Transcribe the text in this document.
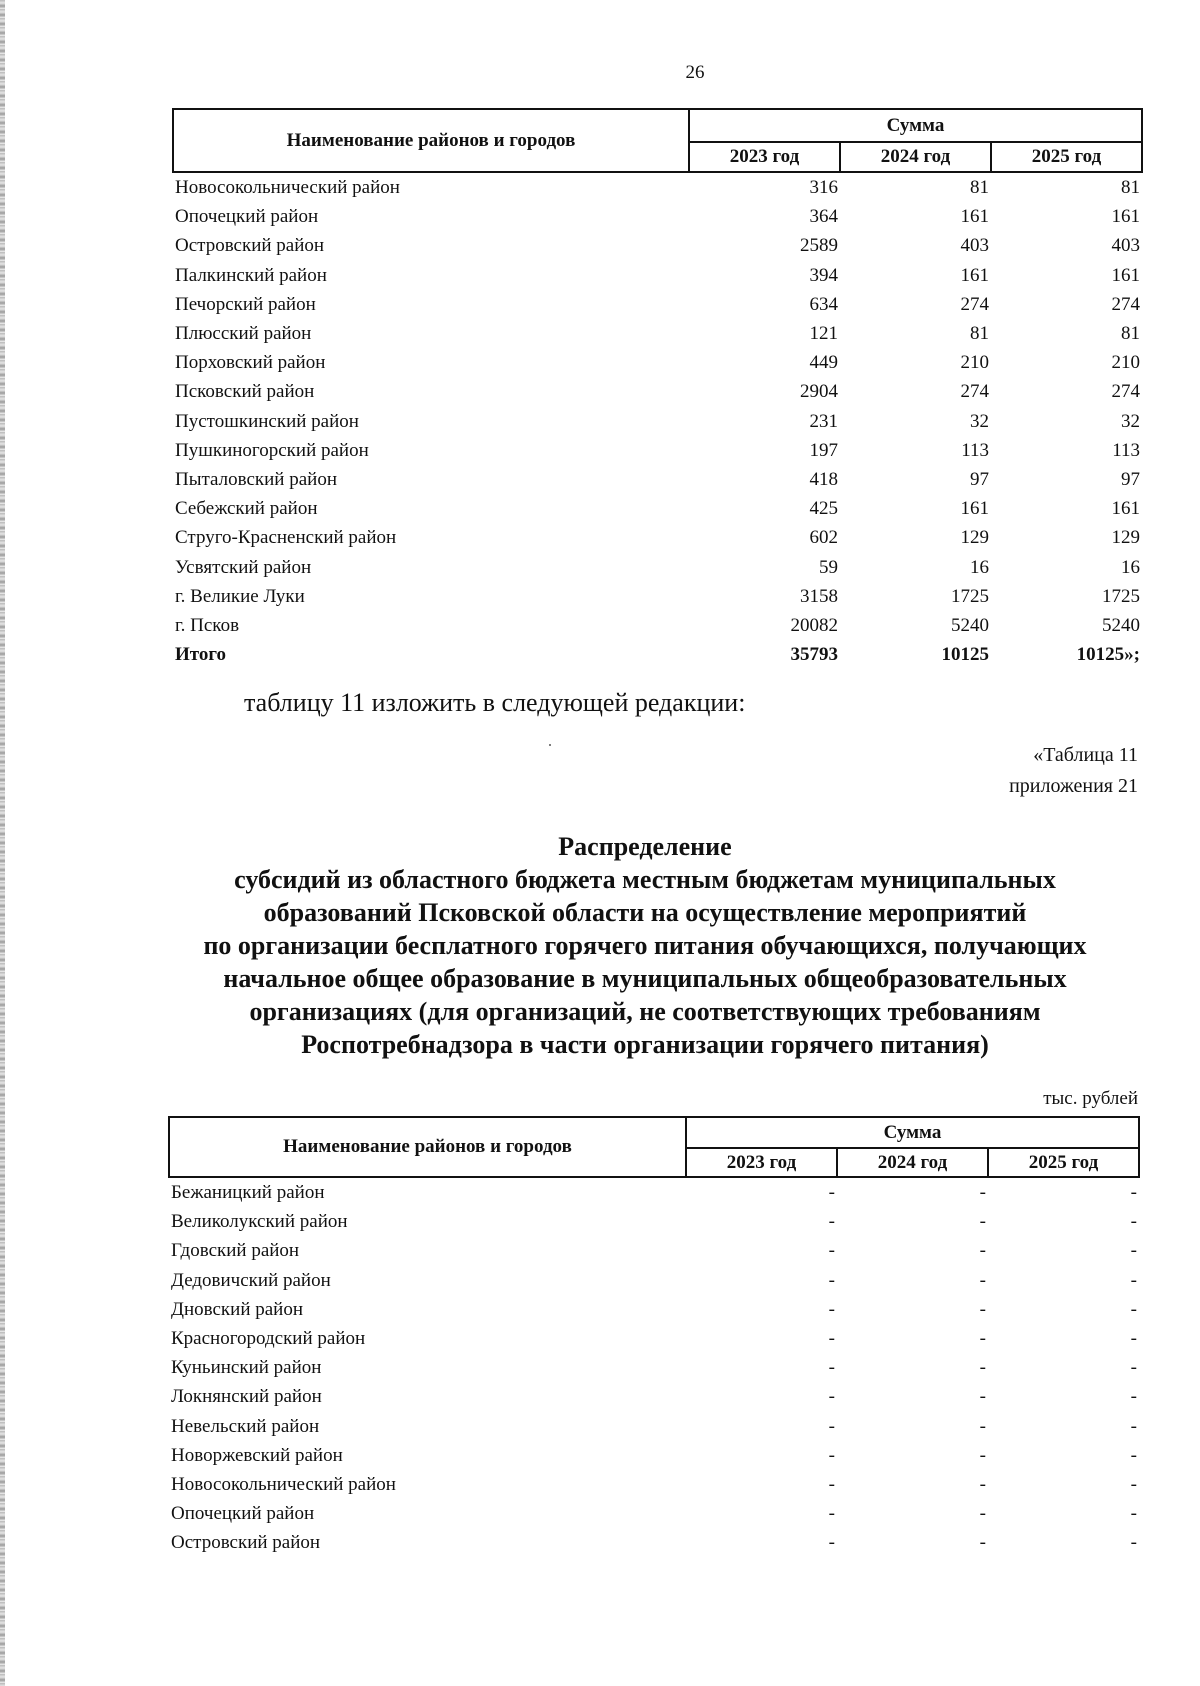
26
Наименование районов и городов	Сумма		
	2023 год	2024 год	2025 год
Новосокольнический район	316	81	81
Опочецкий район	364	161	161
Островский район	2589	403	403
Палкинский район	394	161	161
Печорский район	634	274	274
Плюсский район	121	81	81
Порховский район	449	210	210
Псковский район	2904	274	274
Пустошкинский район	231	32	32
Пушкиногорский район	197	113	113
Пыталовский район	418	97	97
Себежский район	425	161	161
Струго-Красненский район	602	129	129
Усвятский район	59	16	16
г. Великие Луки	3158	1725	1725
г. Псков	20082	5240	5240
Итого	35793	10125	10125»;
таблицу 11 изложить в следующей редакции:
«Таблица 11
приложения 21
Распределение
субсидий из областного бюджета местным бюджетам муниципальных
образований Псковской области на осуществление мероприятий
по организации бесплатного горячего питания обучающихся, получающих
начальное общее образование в муниципальных общеобразовательных
организациях (для организаций, не соответствующих требованиям
Роспотребнадзора в части организации горячего питания)
тыс. рублей
Наименование районов и городов	Сумма		
	2023 год	2024 год	2025 год
Бежаницкий район	-	-	-
Великолукский район	-	-	-
Гдовский район	-	-	-
Дедовичский район	-	-	-
Дновский район	-	-	-
Красногородский район	-	-	-
Куньинский район	-	-	-
Локнянский район	-	-	-
Невельский район	-	-	-
Новоржевский район	-	-	-
Новосокольнический район	-	-	-
Опочецкий район	-	-	-
Островский район	-	-	-
